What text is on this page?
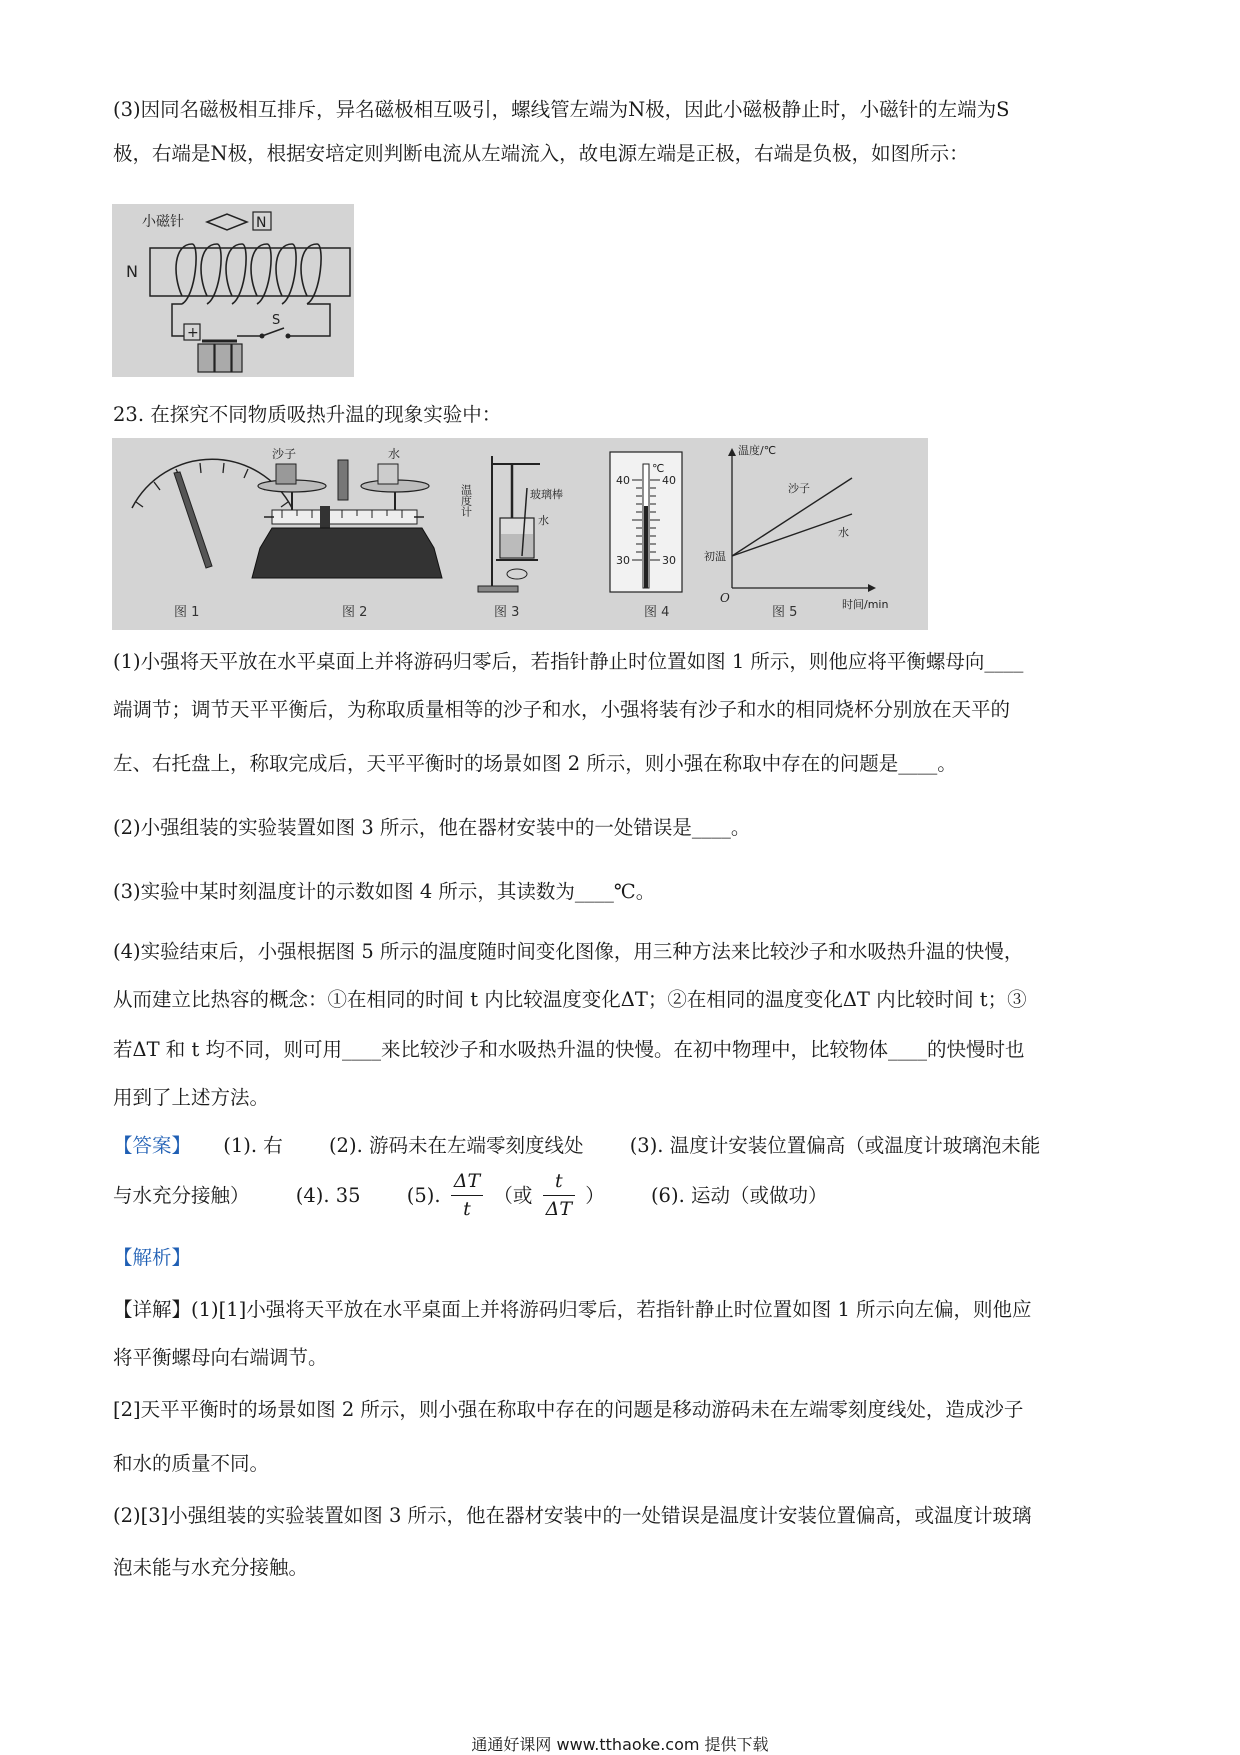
(3)因同名磁极相互排斥，异名磁极相互吸引，螺线管左端为N极，因此小磁极静止时，小磁针的左端为S

极，右端是N极，根据安培定则判断电流从左端流入，故电源左端是正极，右端是负极，如图所示：

小磁针	N
N
S
+

23. 在探究不同物质吸热升温的现象实验中：

图 1
沙子	水
图 2
温度计	玻璃棒
水
图 3
℃
40	40
30	30
图 4
温度/℃
时间/min
O
初温
沙子
水
图 5

(1)小强将天平放在水平桌面上并将游码归零后，若指针静止时位置如图 1 所示，则他应将平衡螺母向____

端调节；调节天平平衡后，为称取质量相等的沙子和水，小强将装有沙子和水的相同烧杯分别放在天平的

左、右托盘上，称取完成后，天平平衡时的场景如图 2 所示，则小强在称取中存在的问题是____。

(2)小强组装的实验装置如图 3 所示，他在器材安装中的一处错误是____。

(3)实验中某时刻温度计的示数如图 4 所示，其读数为____℃。

(4)实验结束后，小强根据图 5 所示的温度随时间变化图像，用三种方法来比较沙子和水吸热升温的快慢，

从而建立比热容的概念：①在相同的时间 t 内比较温度变化ΔT；②在相同的温度变化ΔT 内比较时间 t；③

若ΔT 和 t 均不同，则可用____来比较沙子和水吸热升温的快慢。在初中物理中，比较物体____的快慢时也

用到了上述方法。

【答案】 (1). 右 (2). 游码未在左端零刻度线处 (3). 温度计安装位置偏高（或温度计玻璃泡未能

与水充分接触） (4). 35 (5). $\frac{\Delta T}{t}$ （或 $\frac{t}{\Delta T}$ ） (6). 运动（或做功）

【解析】

【详解】(1)[1]小强将天平放在水平桌面上并将游码归零后，若指针静止时位置如图 1 所示向左偏，则他应

将平衡螺母向右端调节。

[2]天平平衡时的场景如图 2 所示，则小强在称取中存在的问题是移动游码未在左端零刻度线处，造成沙子

和水的质量不同。

(2)[3]小强组装的实验装置如图 3 所示，他在器材安装中的一处错误是温度计安装位置偏高，或温度计玻璃

泡未能与水充分接触。

通通好课网 www.tthaoke.com 提供下载
